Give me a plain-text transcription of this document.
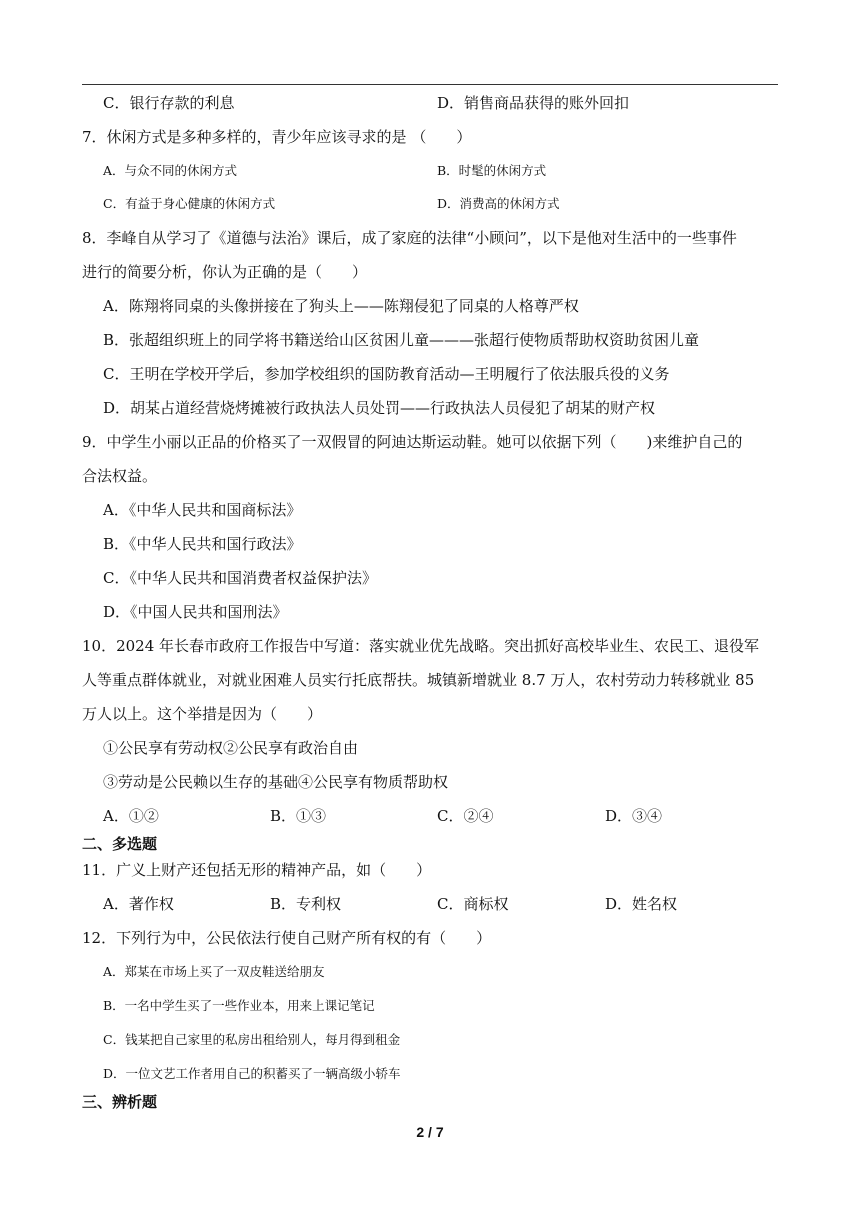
C．银行存款的利息	D．销售商品获得的账外回扣
7．休闲方式是多种多样的，青少年应该寻求的是 （　　）
A．与众不同的休闲方式	B．时髦的休闲方式
C．有益于身心健康的休闲方式	D．消费高的休闲方式
8．李峰自从学习了《道德与法治》课后，成了家庭的法律“小顾问”，以下是他对生活中的一些事件
进行的简要分析，你认为正确的是（　　）
A．陈翔将同桌的头像拼接在了狗头上——陈翔侵犯了同桌的人格尊严权
B．张超组织班上的同学将书籍送给山区贫困儿童———张超行使物质帮助权资助贫困儿童
C．王明在学校开学后，参加学校组织的国防教育活动—王明履行了依法服兵役的义务
D．胡某占道经营烧烤摊被行政执法人员处罚——行政执法人员侵犯了胡某的财产权
9．中学生小丽以正品的价格买了一双假冒的阿迪达斯运动鞋。她可以依据下列（　　)来维护自己的
合法权益。
A．《中华人民共和国商标法》
B．《中华人民共和国行政法》
C．《中华人民共和国消费者权益保护法》
D．《中国人民共和国刑法》
10．2024 年长春市政府工作报告中写道：落实就业优先战略。突出抓好高校毕业生、农民工、退役军
人等重点群体就业，对就业困难人员实行托底帮扶。城镇新增就业 8.7 万人，农村劳动力转移就业 85
万人以上。这个举措是因为（　　）
①公民享有劳动权②公民享有政治自由
③劳动是公民赖以生存的基础④公民享有物质帮助权
A．①②	B．①③	C．②④	D．③④
二、多选题
11．广义上财产还包括无形的精神产品，如（　　）
A．著作权	B．专利权	C．商标权	D．姓名权
12．下列行为中，公民依法行使自己财产所有权的有（　　）
A．郑某在市场上买了一双皮鞋送给朋友
B．一名中学生买了一些作业本，用来上课记笔记
C．钱某把自己家里的私房出租给别人，每月得到租金
D．一位文艺工作者用自己的积蓄买了一辆高级小轿车
三、辨析题
2 / 7
